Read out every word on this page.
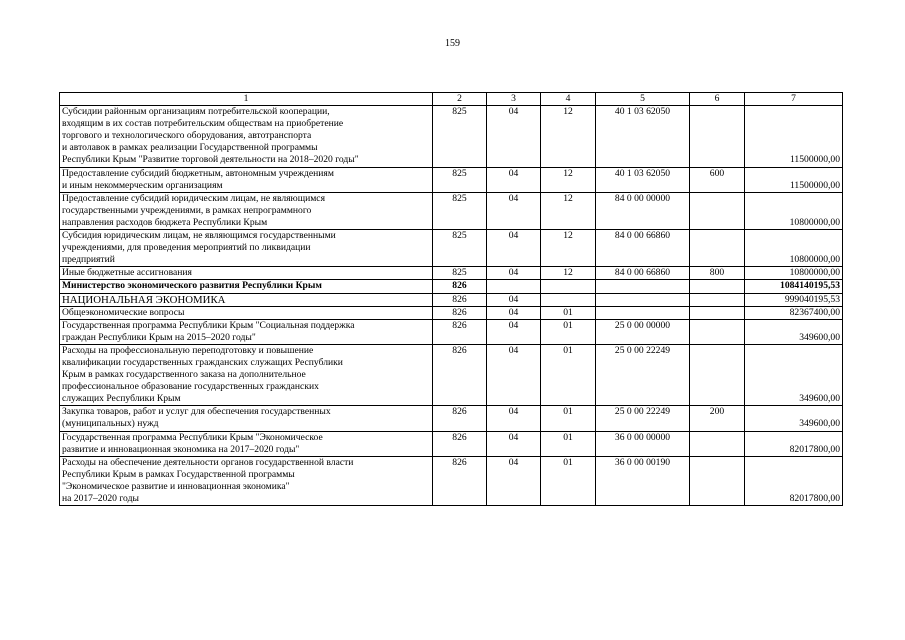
159
1	2	3	4	5	6	7
Субсидии районным организациям потребительской кооперации,
входящим в их состав потребительским обществам на приобретение
торгового и технологического оборудования, автотранспорта
и автолавок в рамках реализации Государственной программы
Республики Крым "Развитие торговой деятельности на 2018–2020 годы"	825	04	12	40 1 03 62050		11500000,00
Предоставление субсидий бюджетным, автономным учреждениям
и иным некоммерческим организациям	825	04	12	40 1 03 62050	600	11500000,00
Предоставление субсидий юридическим лицам, не являющимся
государственными учреждениями, в рамках непрограммного
направления расходов бюджета Республики Крым	825	04	12	84 0 00 00000		10800000,00
Субсидия юридическим лицам, не являющимся государственными
учреждениями, для проведения мероприятий по ликвидации
предприятий	825	04	12	84 0 00 66860		10800000,00
Иные бюджетные ассигнования	825	04	12	84 0 00 66860	800	10800000,00
Министерство экономического развития Республики Крым	826					1084140195,53
НАЦИОНАЛЬНАЯ ЭКОНОМИКА	826	04				999040195,53
Общеэкономические вопросы	826	04	01			82367400,00
Государственная программа Республики Крым "Социальная поддержка
граждан Республики Крым на 2015–2020 годы"	826	04	01	25 0 00 00000		349600,00
Расходы на профессиональную переподготовку и повышение
квалификации государственных гражданских служащих Республики
Крым в рамках государственного заказа на дополнительное
профессиональное образование государственных гражданских
служащих Республики Крым	826	04	01	25 0 00 22249		349600,00
Закупка товаров, работ и услуг для обеспечения государственных
(муниципальных) нужд	826	04	01	25 0 00 22249	200	349600,00
Государственная программа Республики Крым "Экономическое
развитие и инновационная экономика на 2017–2020 годы"	826	04	01	36 0 00 00000		82017800,00
Расходы на обеспечение деятельности органов государственной власти
Республики Крым в рамках Государственной программы
"Экономическое развитие и инновационная экономика"
на 2017–2020 годы	826	04	01	36 0 00 00190		82017800,00
